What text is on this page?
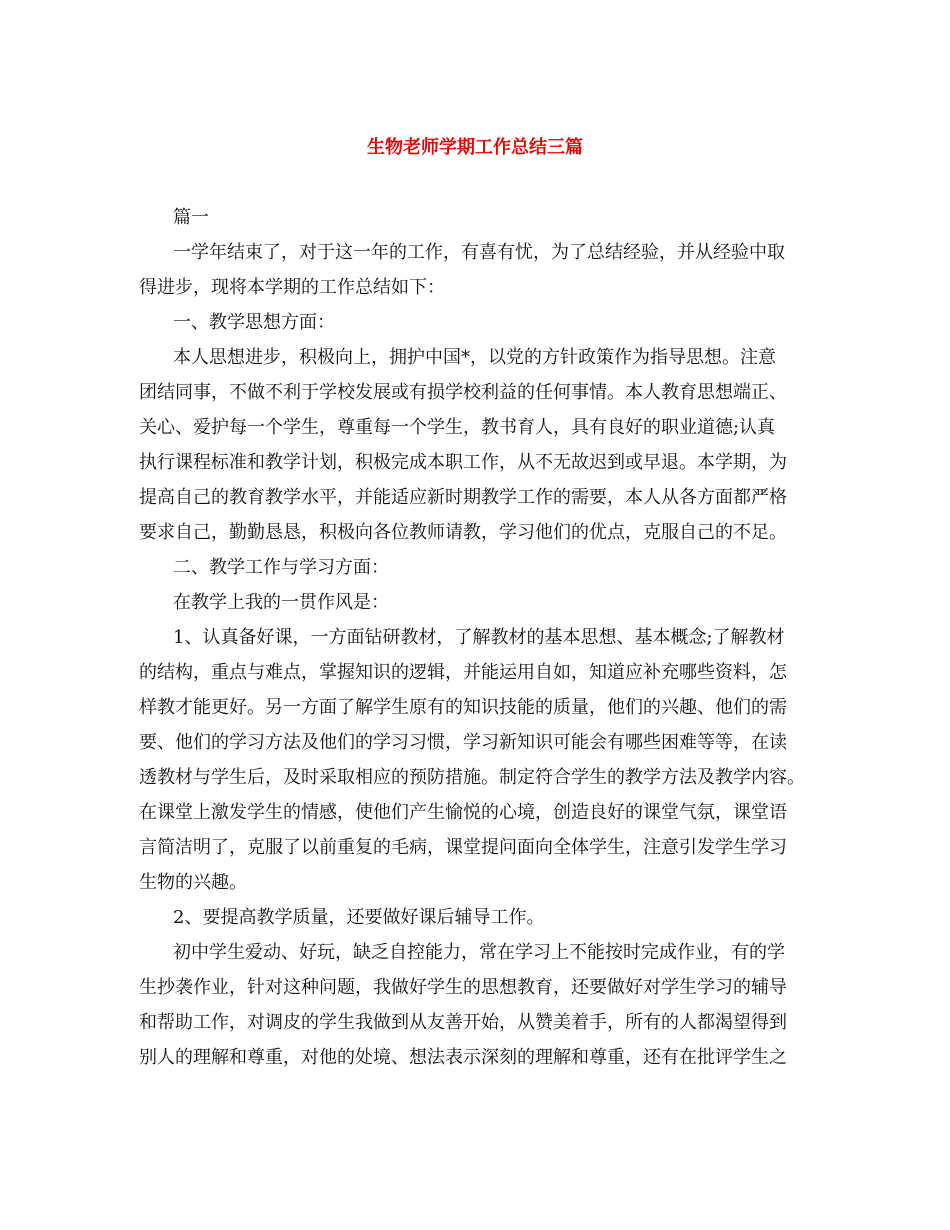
生物老师学期工作总结三篇
篇一
一学年结束了，对于这一年的工作，有喜有忧，为了总结经验，并从经验中取
得进步，现将本学期的工作总结如下：
一、教学思想方面：
本人思想进步，积极向上，拥护中国*，以党的方针政策作为指导思想。注意
团结同事，不做不利于学校发展或有损学校利益的任何事情。本人教育思想端正、
关心、爱护每一个学生，尊重每一个学生，教书育人，具有良好的职业道德;认真
执行课程标准和教学计划，积极完成本职工作，从不无故迟到或早退。本学期，为
提高自己的教育教学水平，并能适应新时期教学工作的需要，本人从各方面都严格
要求自己，勤勤恳恳，积极向各位教师请教，学习他们的优点，克服自己的不足。
二、教学工作与学习方面：
在教学上我的一贯作风是：
1、认真备好课，一方面钻研教材，了解教材的基本思想、基本概念;了解教材
的结构，重点与难点，掌握知识的逻辑，并能运用自如，知道应补充哪些资料，怎
样教才能更好。另一方面了解学生原有的知识技能的质量，他们的兴趣、他们的需
要、他们的学习方法及他们的学习习惯，学习新知识可能会有哪些困难等等，在读
透教材与学生后，及时采取相应的预防措施。制定符合学生的教学方法及教学内容。
在课堂上激发学生的情感，使他们产生愉悦的心境，创造良好的课堂气氛，课堂语
言简洁明了，克服了以前重复的毛病，课堂提问面向全体学生，注意引发学生学习
生物的兴趣。
2、要提高教学质量，还要做好课后辅导工作。
初中学生爱动、好玩，缺乏自控能力，常在学习上不能按时完成作业，有的学
生抄袭作业，针对这种问题，我做好学生的思想教育，还要做好对学生学习的辅导
和帮助工作，对调皮的学生我做到从友善开始，从赞美着手，所有的人都渴望得到
别人的理解和尊重，对他的处境、想法表示深刻的理解和尊重，还有在批评学生之
